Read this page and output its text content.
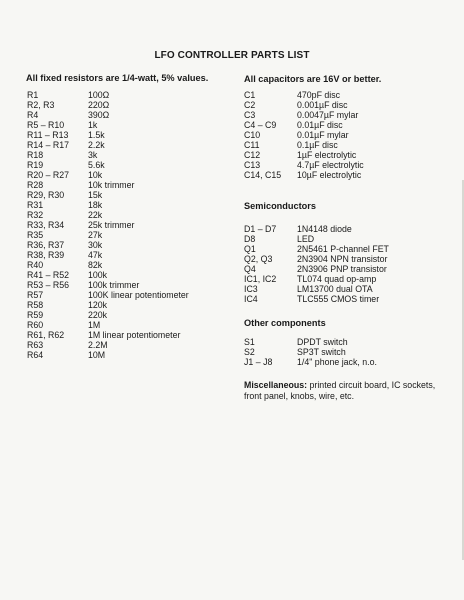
LFO CONTROLLER PARTS LIST
All fixed resistors are 1/4-watt, 5% values.
R1	100Ω
R2, R3	220Ω
R4	390Ω
R5 – R10	1k
R11 – R13 1.5k
R14 – R17 2.2k
R18	3k
R19	5.6k
R20 – R27 10k
R28	10k trimmer
R29, R30	15k
R31	18k
R32	22k
R33, R34	25k trimmer
R35	27k
R36, R37	30k
R38, R39	47k
R40	82k
R41 – R52 100k
R53 – R56 100k trimmer
R57	100K linear potentiometer
R58	120k
R59	220k
R60	1M
R61, R62	1M linear potentiometer
R63	2.2M
R64	10M
All capacitors are 16V or better.
C1	470pF disc
C2	0.001µF disc
C3	0.0047µF mylar
C4 – C9 0.01µF disc
C10	0.01µF mylar
C11	0.1µF disc
C12	1µF electrolytic
C13	4.7µF electrolytic
C14, C15 10µF electrolytic
Semiconductors
D1 – D7 1N4148 diode
D8	LED
Q1	2N5461 P-channel FET
Q2, Q3	2N3904 NPN transistor
Q4	2N3906 PNP transistor
IC1, IC2 TL074 quad op-amp
IC3	LM13700 dual OTA
IC4	TLC555 CMOS timer
Other components
S1	DPDT switch
S2	SP3T switch
J1 – J8	1/4" phone jack, n.o.
Miscellaneous: printed circuit board, IC sockets, front panel, knobs, wire, etc.
